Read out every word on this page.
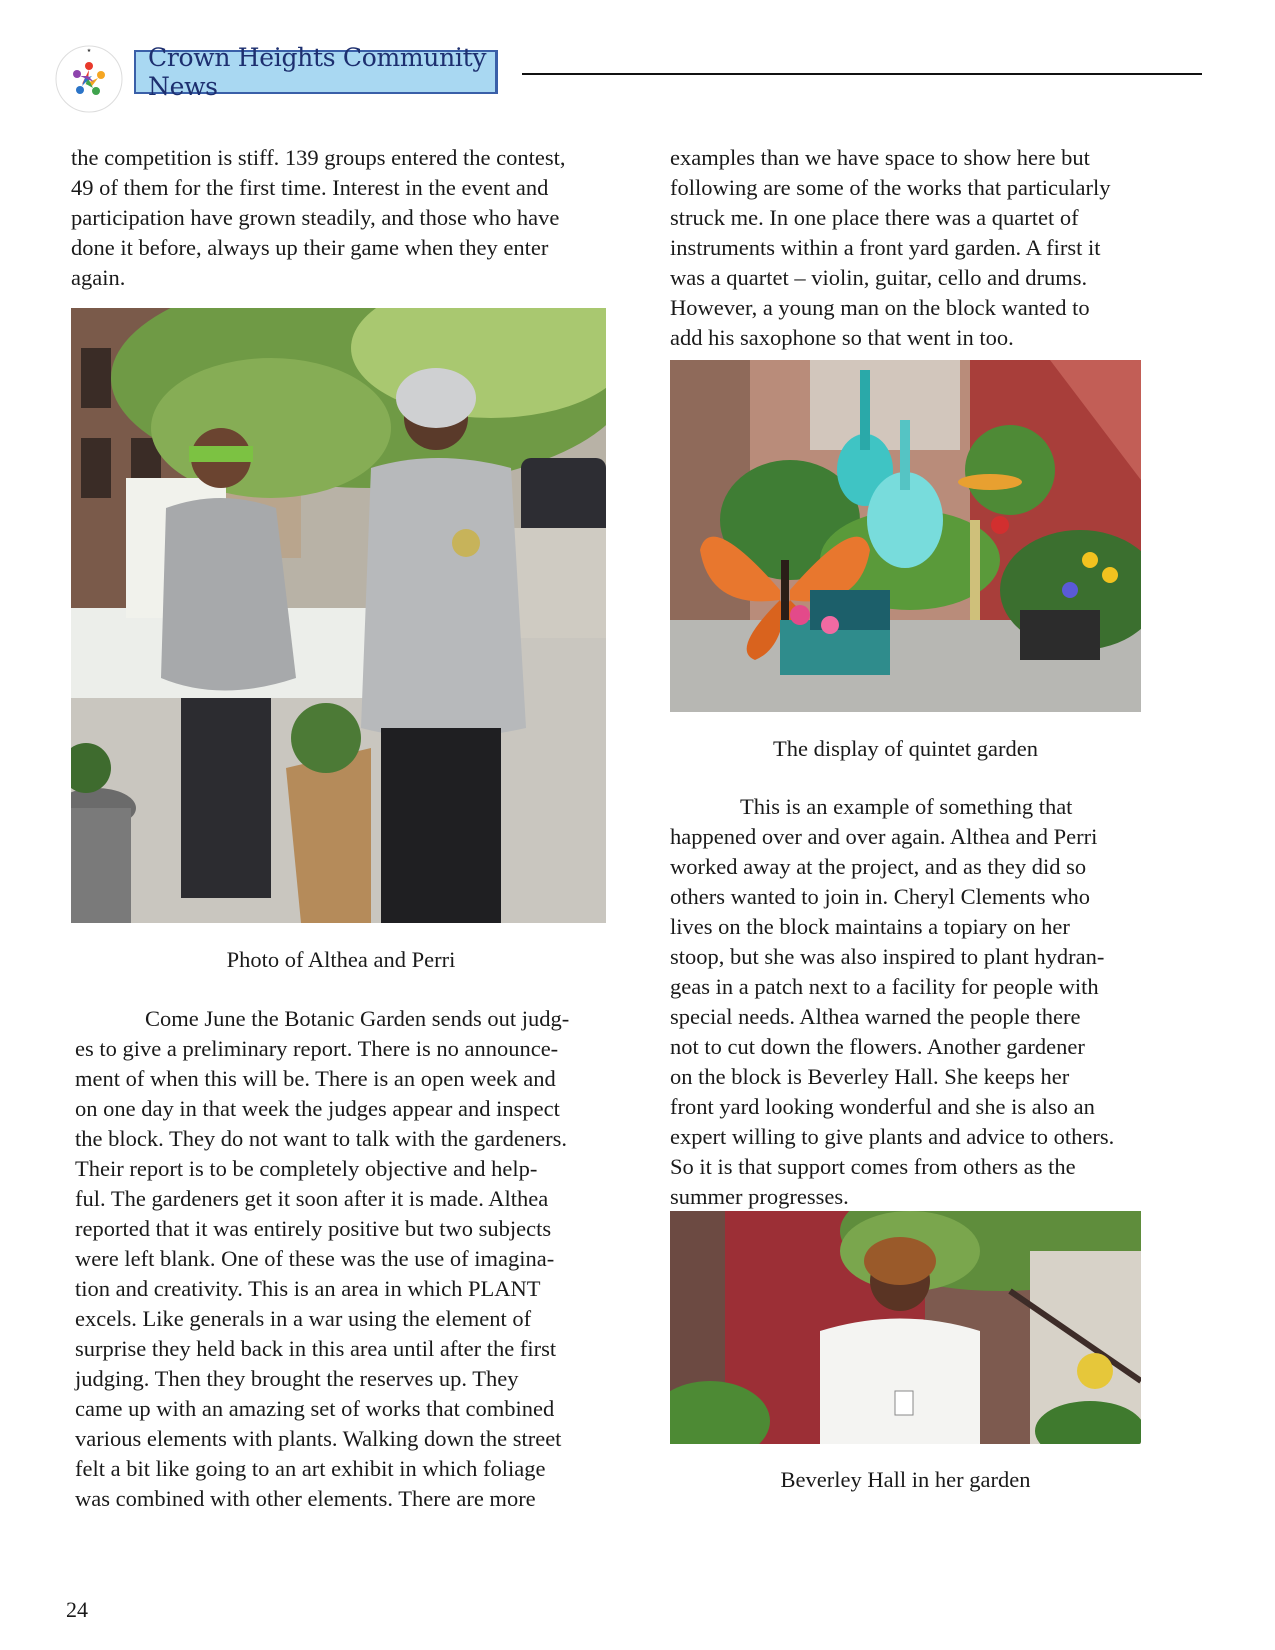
★	Crown Heights Community News
the competition is stiff. 139 groups entered the contest,
49 of them for the first time. Interest in the event and
participation have grown steadily, and those who have
done it before, always up their game when they enter
again.
Photo of Althea and Perri
Come June the Botanic Garden sends out judg-
es to give a preliminary report. There is no announce-
ment of when this will be. There is an open week and
on one day in that week the judges appear and inspect
the block. They do not want to talk with the gardeners.
Their report is to be completely objective and help-
ful. The gardeners get it soon after it is made. Althea
reported that it was entirely positive but two subjects
were left blank. One of these was the use of imagina-
tion and creativity. This is an area in which PLANT
excels. Like generals in a war using the element of
surprise they held back in this area until after the first
judging. Then they brought the reserves up. They
came up with an amazing set of works that combined
various elements with plants. Walking down the street
felt a bit like going to an art exhibit in which foliage
was combined with other elements. There are more
examples than we have space to show here but
following are some of the works that particularly
struck me. In one place there was a quartet of
instruments within a front yard garden. A first it
was a quartet – violin, guitar, cello and drums.
However, a young man on the block wanted to
add his saxophone so that went in too.
The display of quintet garden
This is an example of something that
happened over and over again. Althea and Perri
worked away at the project, and as they did so
others wanted to join in. Cheryl Clements who
lives on the block maintains a topiary on her
stoop, but she was also inspired to plant hydran-
geas in a patch next to a facility for people with
special needs. Althea warned the people there
not to cut down the flowers. Another gardener
on the block is Beverley Hall. She keeps her
front yard looking wonderful and she is also an
expert willing to give plants and advice to others.
So it is that support comes from others as the
summer progresses.
Beverley Hall in her garden
24
